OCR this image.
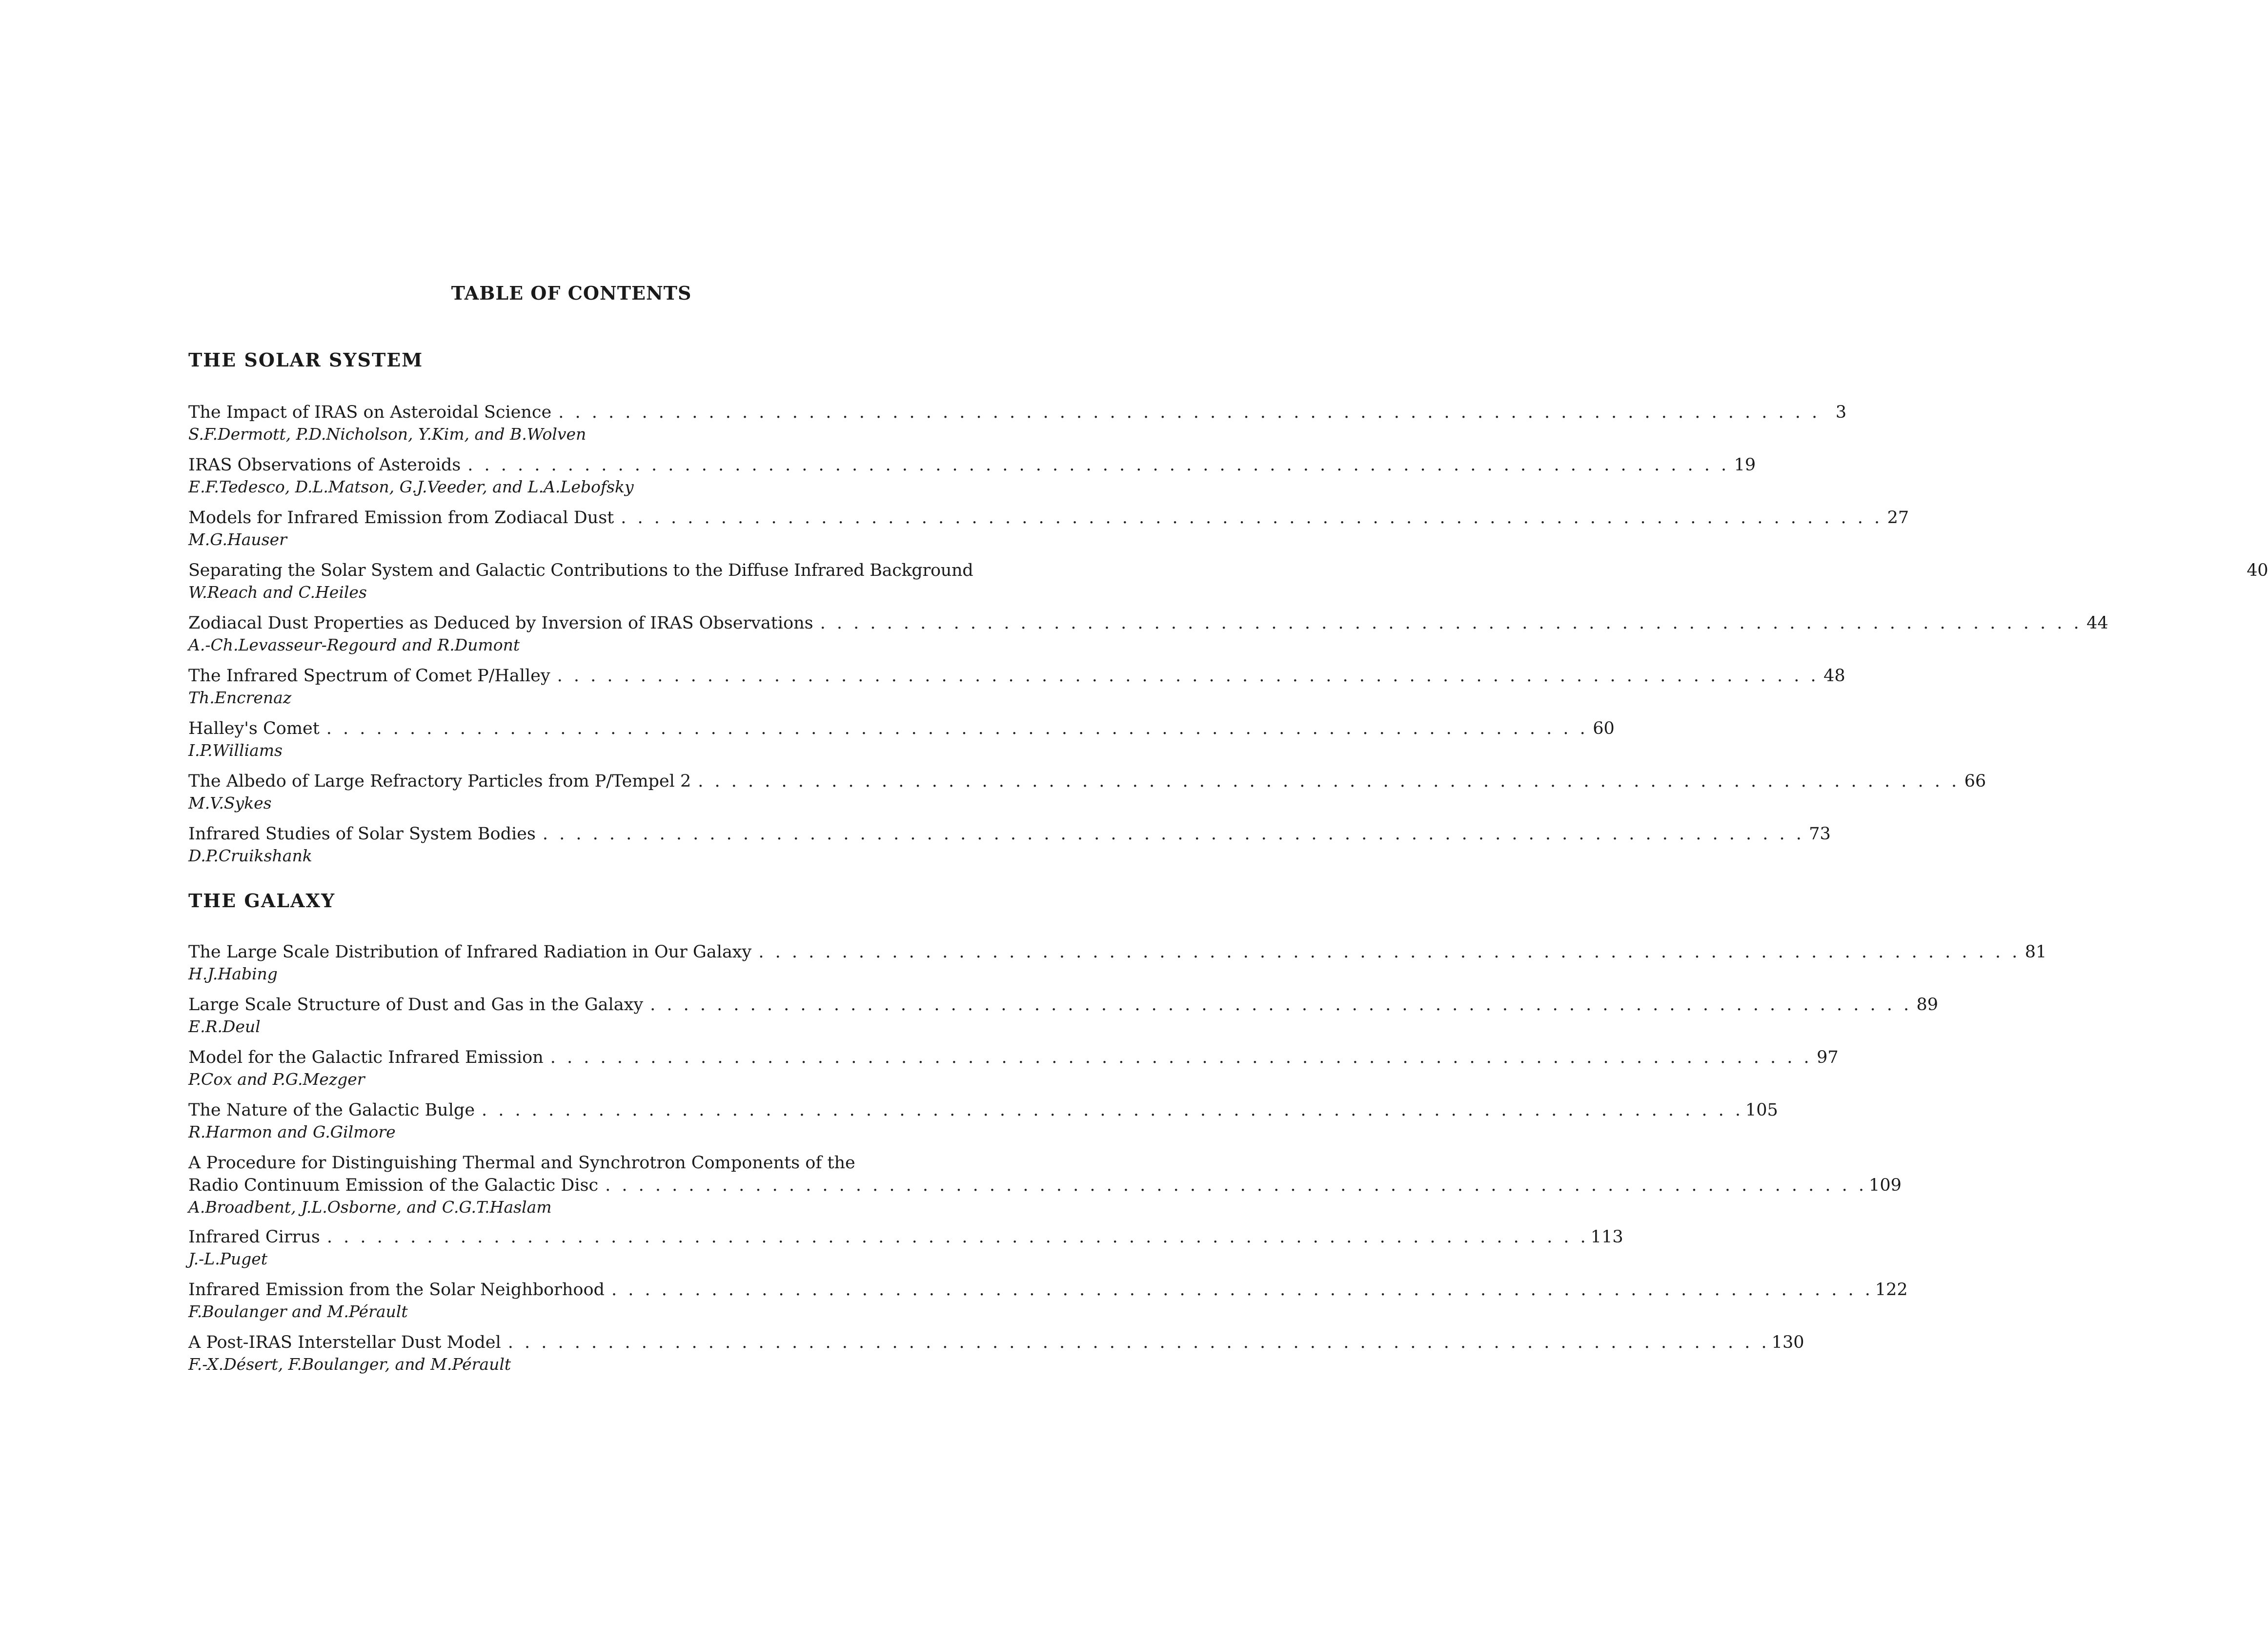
TABLE OF CONTENTS
THE SOLAR SYSTEM
The Impact of IRAS on Asteroidal Science . . .	3
S.F.Dermott, P.D.Nicholson, Y.Kim, and B.Wolven
IRAS Observations of Asteroids . . .	19
E.F.Tedesco, D.L.Matson, G.J.Veeder, and L.A.Lebofsky
Models for Infrared Emission from Zodiacal Dust . . .	27
M.G.Hauser
Separating the Solar System and Galactic Contributions to the Diffuse Infrared Background	40
W.Reach and C.Heiles
Zodiacal Dust Properties as Deduced by Inversion of IRAS Observations . . .	44
A.-Ch.Levasseur-Regourd and R.Dumont
The Infrared Spectrum of Comet P/Halley . . .	48
Th.Encrenaz
Halley's Comet . . .	60
I.P.Williams
The Albedo of Large Refractory Particles from P/Tempel 2 . . .	66
M.V.Sykes
Infrared Studies of Solar System Bodies . . .	73
D.P.Cruikshank
THE GALAXY
The Large Scale Distribution of Infrared Radiation in Our Galaxy . . .	81
H.J.Habing
Large Scale Structure of Dust and Gas in the Galaxy . . .	89
E.R.Deul
Model for the Galactic Infrared Emission . . .	97
P.Cox and P.G.Mezger
The Nature of the Galactic Bulge . . .	105
R.Harmon and G.Gilmore
A Procedure for Distinguishing Thermal and Synchrotron Components of the
Radio Continuum Emission of the Galactic Disc . . .	109
A.Broadbent, J.L.Osborne, and C.G.T.Haslam
Infrared Cirrus . . .	113
J.-L.Puget
Infrared Emission from the Solar Neighborhood . . .	122
F.Boulanger and M.Pérault
A Post-IRAS Interstellar Dust Model . . .	130
F.-X.Désert, F.Boulanger, and M.Pérault
